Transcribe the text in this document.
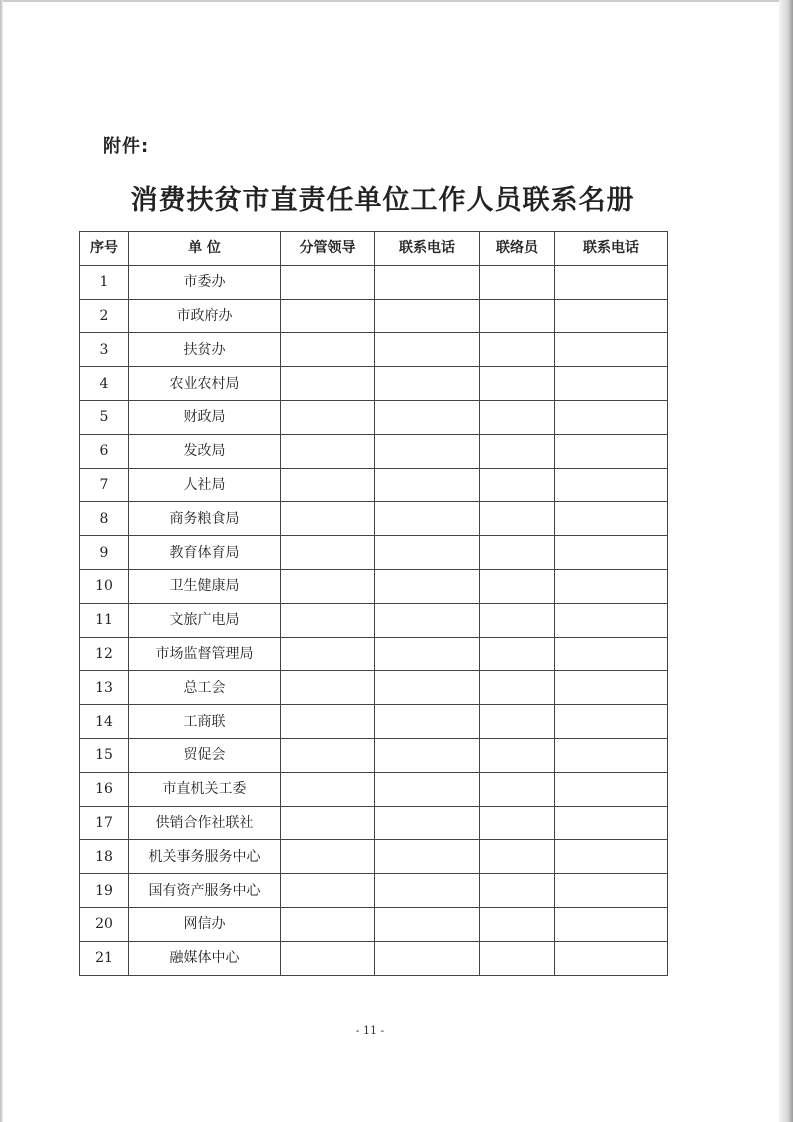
附件:
消费扶贫市直责任单位工作人员联系名册
序号	单 位	分管领导	联系电话	联络员	联系电话
1	市委办				
2	市政府办				
3	扶贫办				
4	农业农村局				
5	财政局				
6	发改局				
7	人社局				
8	商务粮食局				
9	教育体育局				
10	卫生健康局				
11	文旅广电局				
12	市场监督管理局				
13	总工会				
14	工商联				
15	贸促会				
16	市直机关工委				
17	供销合作社联社				
18	机关事务服务中心				
19	国有资产服务中心				
20	网信办				
21	融媒体中心				
- 11 -
